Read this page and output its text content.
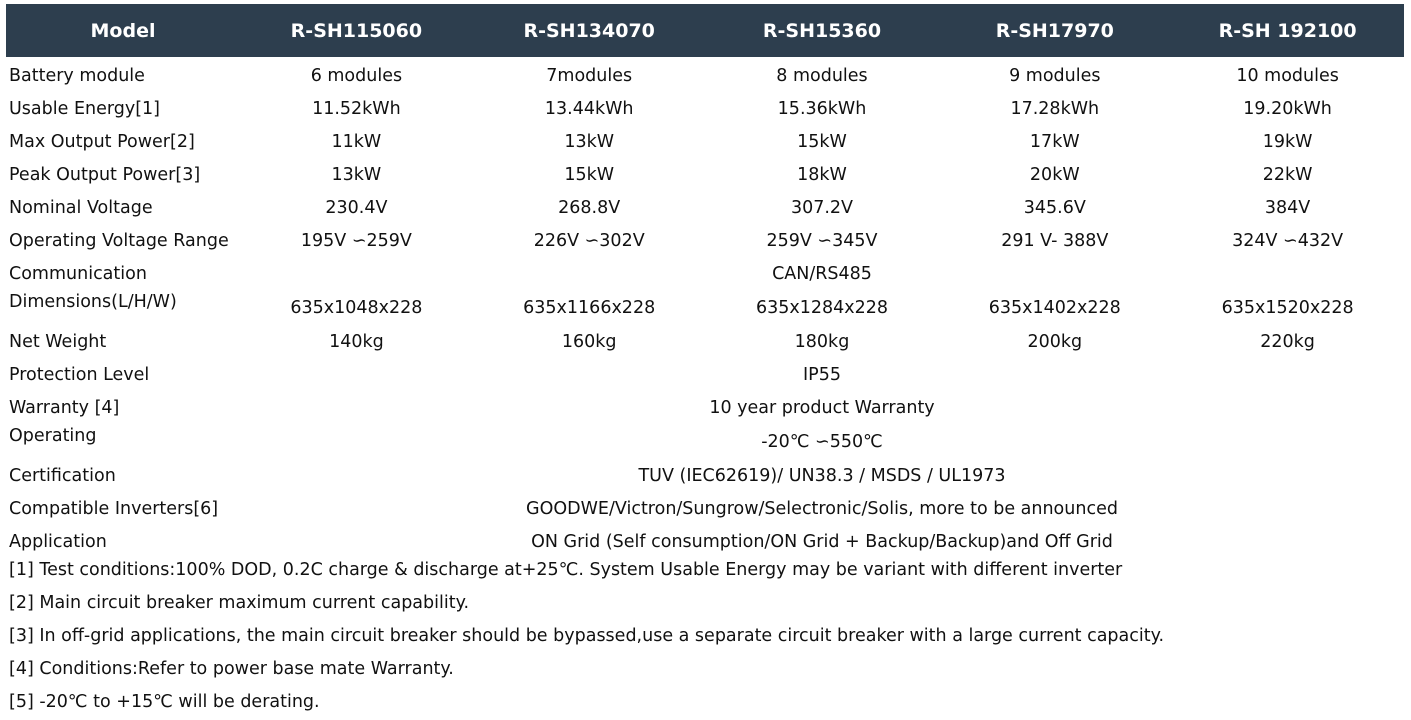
Model	R-SH115060	R-SH134070	R-SH15360	R-SH17970	R-SH 192100
Battery module	6 modules	7modules	8 modules	9 modules	10 modules
Usable Energy[1]	11.52kWh	13.44kWh	15.36kWh	17.28kWh	19.20kWh
Max Output Power[2]	11kW	13kW	15kW	17kW	19kW
Peak Output Power[3]	13kW	15kW	18kW	20kW	22kW
Nominal Voltage	230.4V	268.8V	307.2V	345.6V	384V
Operating Voltage Range	195V ∽259V	226V ∽302V	259V ∽345V	291 V- 388V	324V ∽432V
Communication	CAN/RS485				
Dimensions(L/H/W)	635x1048x228	635x1166x228	635x1284x228	635x1402x228	635x1520x228
Net Weight	140kg	160kg	180kg	200kg	220kg
Protection Level	IP55				
Warranty [4]	10 year product Warranty				
Operating	-20℃ ∽550℃				
Certification	TUV (IEC62619)/ UN38.3 / MSDS / UL1973				
Compatible Inverters[6]	GOODWE/Victron/Sungrow/Selectronic/Solis, more to be announced				
Application	ON Grid (Self consumption/ON Grid + Backup/Backup)and Off Grid				
[1] Test conditions:100% DOD, 0.2C charge & discharge at+25℃. System Usable Energy may be variant with different inverter
[2] Main circuit breaker maximum current capability.
[3] In off-grid applications, the main circuit breaker should be bypassed,use a separate circuit breaker with a large current capacity.
[4] Conditions:Refer to power base mate Warranty.
[5] -20℃ to +15℃ will be derating.
